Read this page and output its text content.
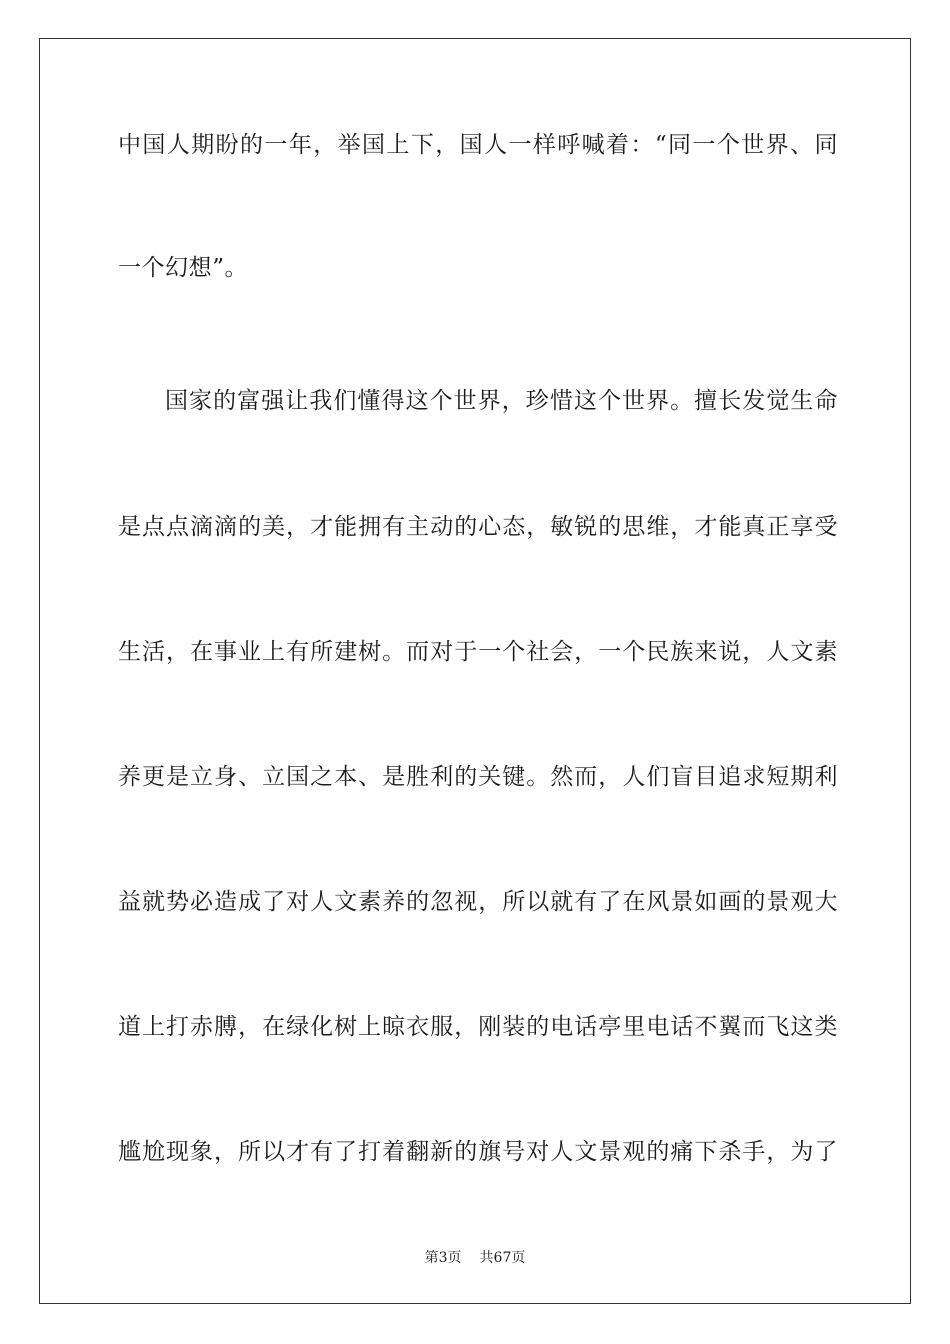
中国人期盼的一年，举国上下，国人一样呼喊着：“同一个世界、同
一个幻想”。
国家的富强让我们懂得这个世界，珍惜这个世界。擅长发觉生命
是点点滴滴的美，才能拥有主动的心态，敏锐的思维，才能真正享受
生活，在事业上有所建树。而对于一个社会，一个民族来说，人文素
养更是立身、立国之本、是胜利的关键。然而，人们盲目追求短期利
益就势必造成了对人文素养的忽视，所以就有了在风景如画的景观大
道上打赤膊，在绿化树上晾衣服，刚装的电话亭里电话不翼而飞这类
尴尬现象，所以才有了打着翻新的旗号对人文景观的痛下杀手，为了
第3页 共67页
